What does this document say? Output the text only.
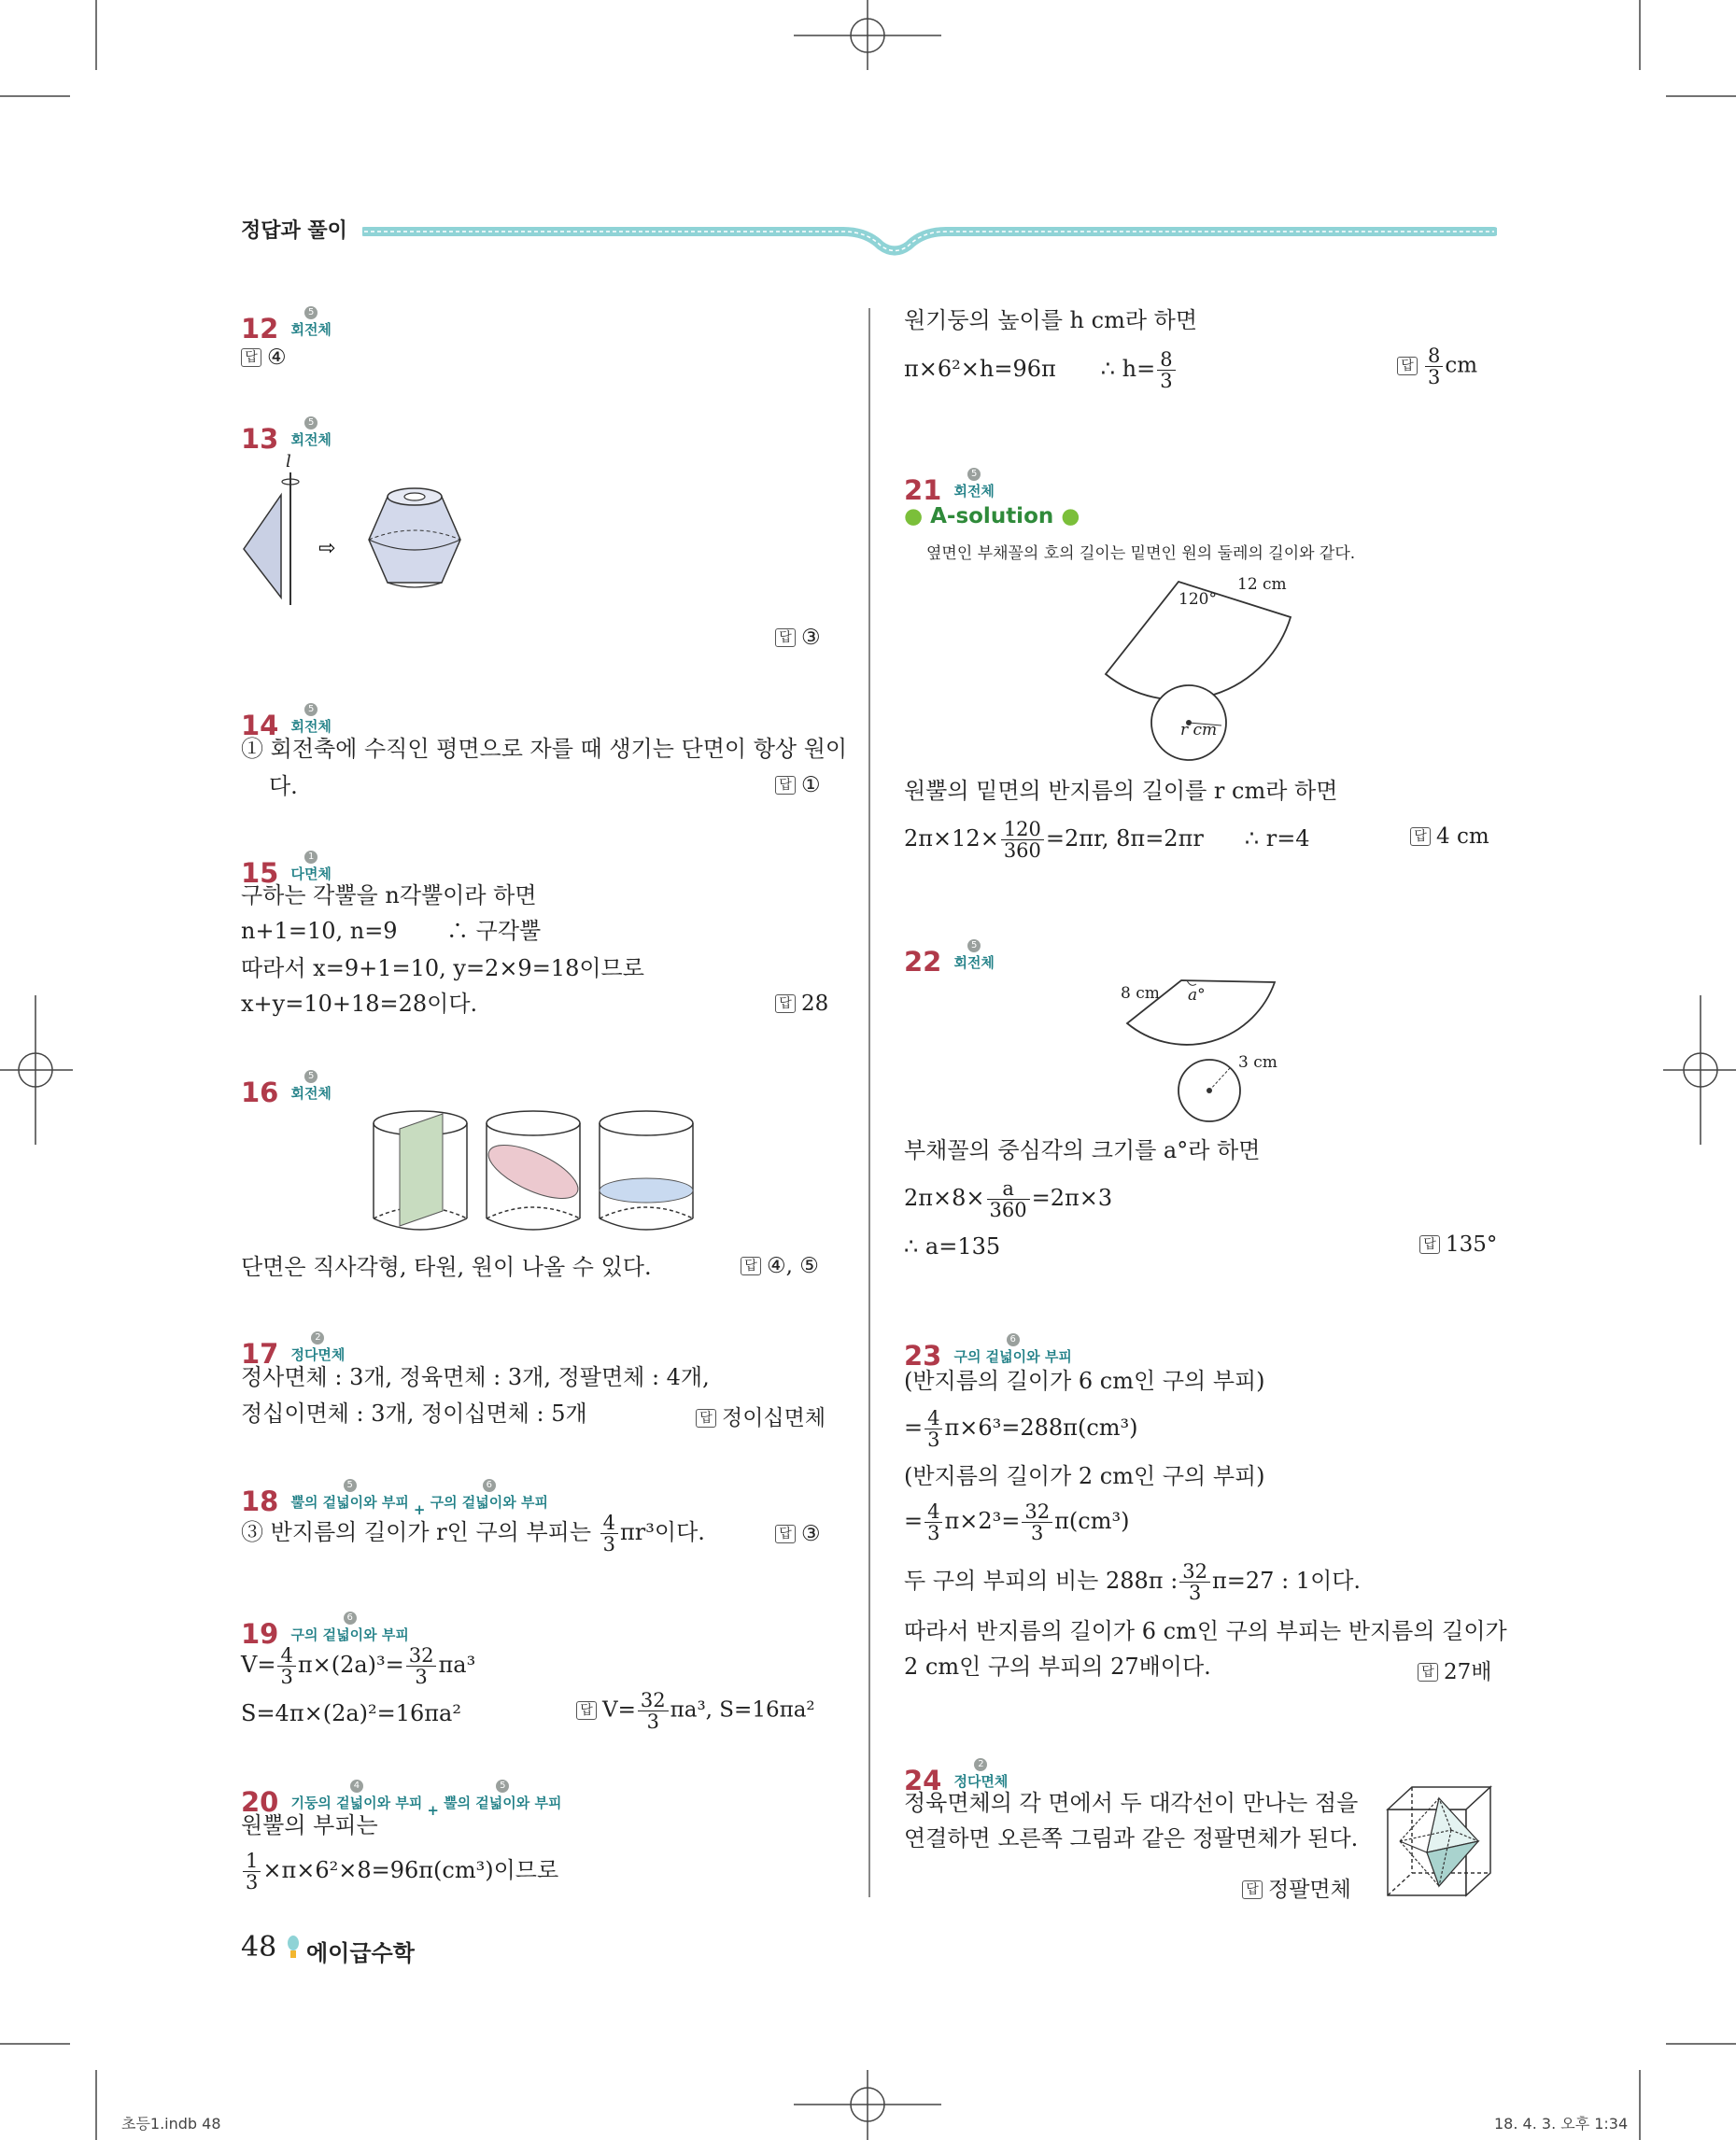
정답과 풀이
12 5
회전체
답 ④
13 5
회전체
l
⇨
답 ③
14 5
회전체
① 회전축에 수직인 평면으로 자를 때 생기는 단면이 항상 원이
다.	답 ①
15 1
다면체
구하는 각뿔을 n각뿔이라 하면
n+1=10, n=9 ∴ 구각뿔
따라서 x=9+1=10, y=2×9=18이므로
x+y=10+18=28이다.	답 28
16 5
회전체
단면은 직사각형, 타원, 원이 나올 수 있다.	답 ④, ⑤
17 2
정다면체
정사면체 : 3개, 정육면체 : 3개, 정팔면체 : 4개,
정십이면체 : 3개, 정이십면체 : 5개	답 정이십면체
18 5
뿔의 겉넓이와 부피 + 6
구의 겉넓이와 부피
③ 반지름의 길이가 r인 구의 부피는 $\frac{4}{3} \pi r^3$이다.	답 ③
19 6
구의 겉넓이와 부피
$V= \frac{4}{3} \pi\times(2a)^3= \frac{32}{3} \pi a^3$
S=4π×(2a)²=16πa²	답 $V= \frac{32}{3} \pi a^3$, S=16πa²
20 4
기둥의 겉넓이와 부피 + 5
뿔의 겉넓이와 부피
원뿔의 부피는
$\frac{1}{3} \times\pi\times 6^2\times 8=96\pi(cm^3)$이므로
48 에이급수학
원기둥의 높이를 h cm라 하면
π×6²×h=96π ∴ $h= \frac{8}{3}$	답 $\frac{8}{3}$ cm
21 5
회전체
● A-solution ●
옆면인 부채꼴의 호의 길이는 밑면인 원의 둘레의 길이와 같다.
120°
12 cm
r cm
원뿔의 밑면의 반지름의 길이를 r cm라 하면
$2\pi\times 12\times \frac{120}{360} =2\pi r$, 8π=2πr ∴ r=4	답 4 cm
22 5
회전체
8 cm a°
3 cm
부채꼴의 중심각의 크기를 a°라 하면
$2\pi\times 8\times \frac{a}{360} =2\pi\times 3$
∴ a=135	답 135°
23 6
구의 겉넓이와 부피
(반지름의 길이가 6 cm인 구의 부피)
= $\frac{4}{3} \pi\times 6^3=288\pi(cm^3)$
(반지름의 길이가 2 cm인 구의 부피)
= $\frac{4}{3} \pi\times 2^3= \frac{32}{3} \pi(cm^3)$
두 구의 부피의 비는 288π : $\frac{32}{3} \pi=27$ : 1이다.
따라서 반지름의 길이가 6 cm인 구의 부피는 반지름의 길이가
2 cm인 구의 부피의 27배이다.	답 27배
24 2
정다면체
정육면체의 각 면에서 두 대각선이 만나는 점을
연결하면 오른쪽 그림과 같은 정팔면체가 된다.
답 정팔면체
초등1.indb 48	18. 4. 3. 오후 1:34
